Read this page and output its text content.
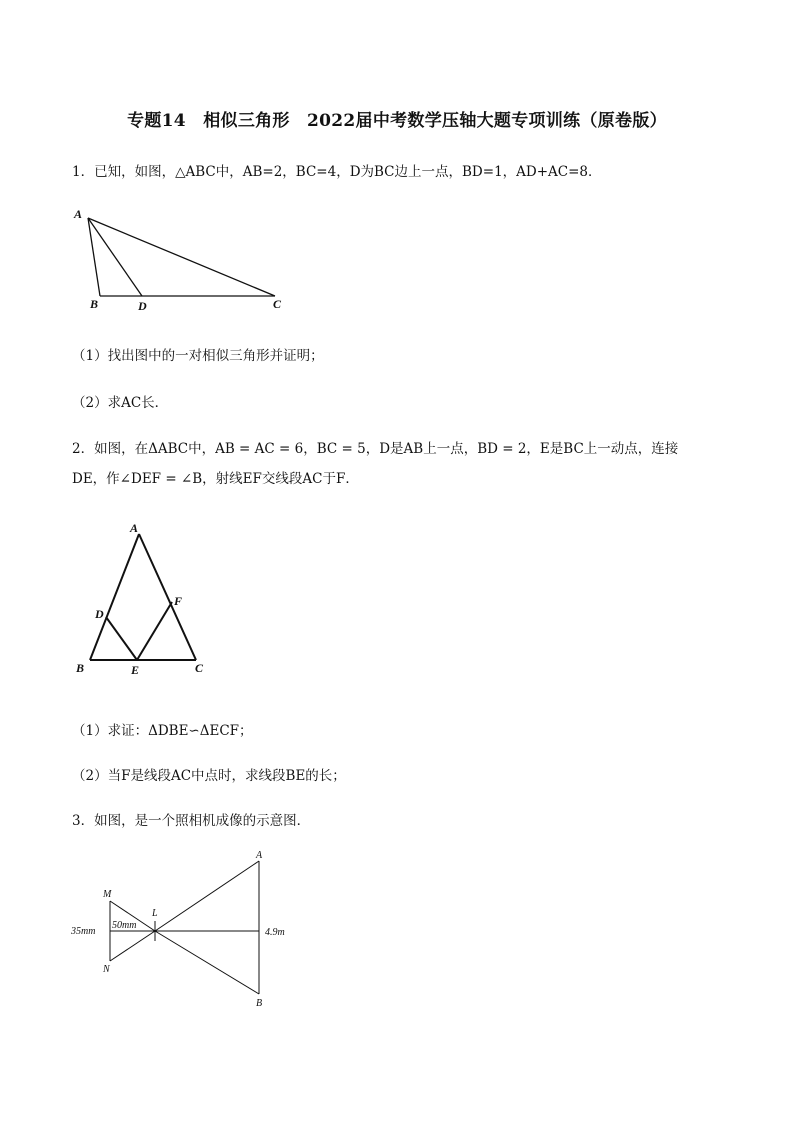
专题14　相似三角形　2022届中考数学压轴大题专项训练（原卷版）
1．已知，如图，△ABC中，AB=2，BC=4，D为BC边上一点，BD=1，AD+AC=8．
A
B	D	C
（1）找出图中的一对相似三角形并证明；
（2）求AC长．
2．如图，在ΔABC中，AB = AC = 6，BC = 5，D是AB上一点，BD = 2，E是BC上一动点，连接
DE，作∠DEF = ∠B，射线EF交线段AC于F．
A
D
F
B	E	C
（1）求证：ΔDBE∽ΔECF；
（2）当F是线段AC中点时，求线段BE的长；
3．如图，是一个照相机成像的示意图．
A
B
M
N
L
35mm
50mm
4.9m
